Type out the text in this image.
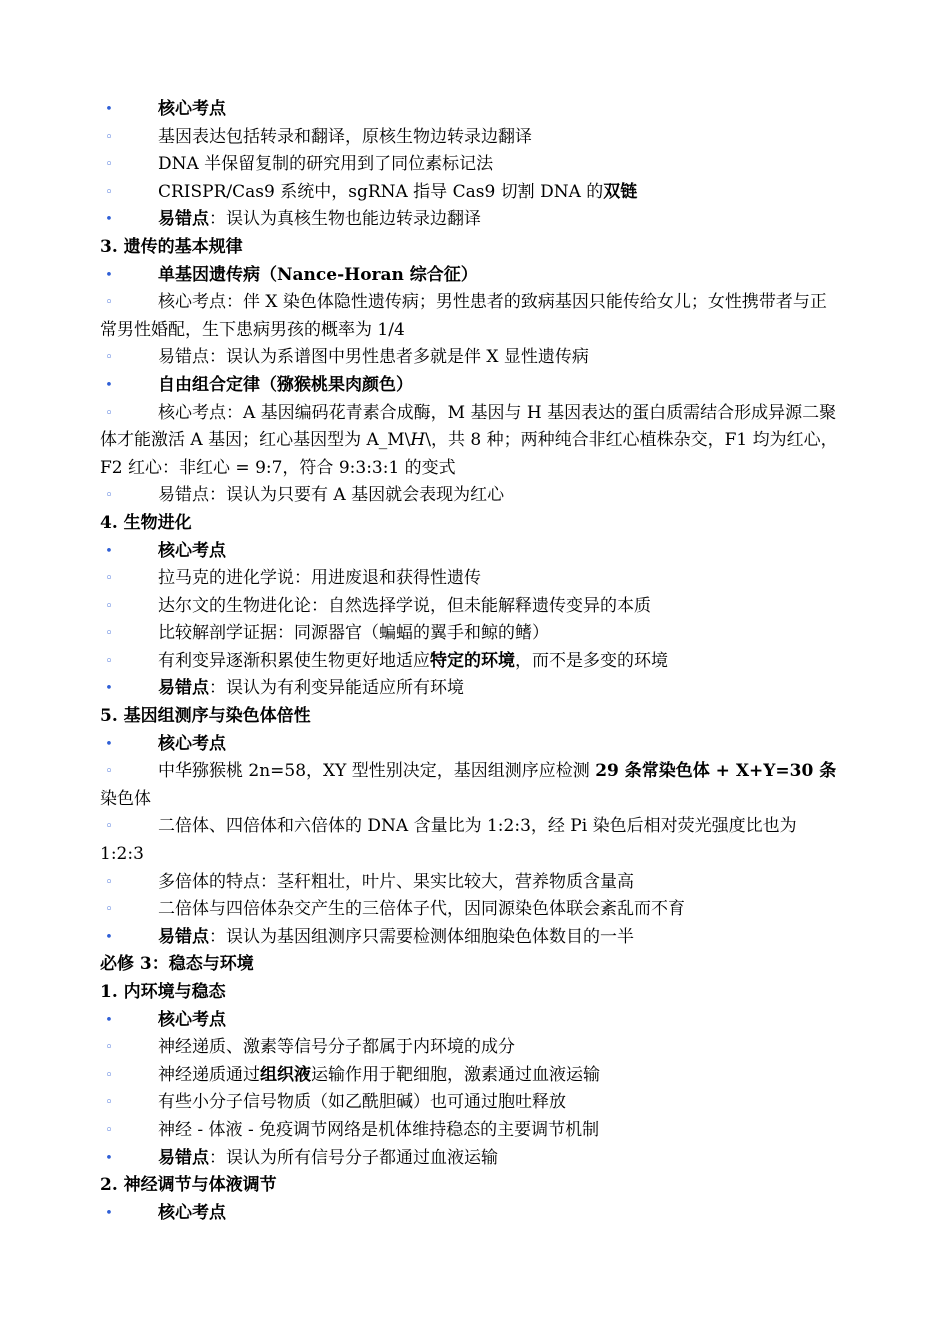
•	核心考点
◦	基因表达包括转录和翻译，原核生物边转录边翻译
◦	DNA 半保留复制的研究用到了同位素标记法
◦	CRISPR/Cas9 系统中，sgRNA 指导 Cas9 切割 DNA 的双链
•	易错点：误认为真核生物也能边转录边翻译
3. 遗传的基本规律
•	单基因遗传病（Nance-Horan 综合征）
◦	核心考点：伴 X 染色体隐性遗传病；男性患者的致病基因只能传给女儿；女性携带者与正常男性婚配，生下患病男孩的概率为 1/4
◦	易错点：误认为系谱图中男性患者多就是伴 X 显性遗传病
•	自由组合定律（猕猴桃果肉颜色）
◦	核心考点：A 基因编码花青素合成酶，M 基因与 H 基因表达的蛋白质需结合形成异源二聚体才能激活 A 基因；红心基因型为 A_M\H\，共 8 种；两种纯合非红心植株杂交，F1 均为红心，F2 红心：非红心 = 9:7，符合 9:3:3:1 的变式
◦	易错点：误认为只要有 A 基因就会表现为红心
4. 生物进化
•	核心考点
◦	拉马克的进化学说：用进废退和获得性遗传
◦	达尔文的生物进化论：自然选择学说，但未能解释遗传变异的本质
◦	比较解剖学证据：同源器官（蝙蝠的翼手和鲸的鳍）
◦	有利变异逐渐积累使生物更好地适应特定的环境，而不是多变的环境
•	易错点：误认为有利变异能适应所有环境
5. 基因组测序与染色体倍性
•	核心考点
◦	中华猕猴桃 2n=58，XY 型性别决定，基因组测序应检测 29 条常染色体 + X+Y=30 条染色体
◦	二倍体、四倍体和六倍体的 DNA 含量比为 1:2:3，经 Pi 染色后相对荧光强度比也为 1:2:3
◦	多倍体的特点：茎秆粗壮，叶片、果实比较大，营养物质含量高
◦	二倍体与四倍体杂交产生的三倍体子代，因同源染色体联会紊乱而不育
•	易错点：误认为基因组测序只需要检测体细胞染色体数目的一半
必修 3：稳态与环境
1. 内环境与稳态
•	核心考点
◦	神经递质、激素等信号分子都属于内环境的成分
◦	神经递质通过组织液运输作用于靶细胞，激素通过血液运输
◦	有些小分子信号物质（如乙酰胆碱）也可通过胞吐释放
◦	神经 - 体液 - 免疫调节网络是机体维持稳态的主要调节机制
•	易错点：误认为所有信号分子都通过血液运输
2. 神经调节与体液调节
•	核心考点
